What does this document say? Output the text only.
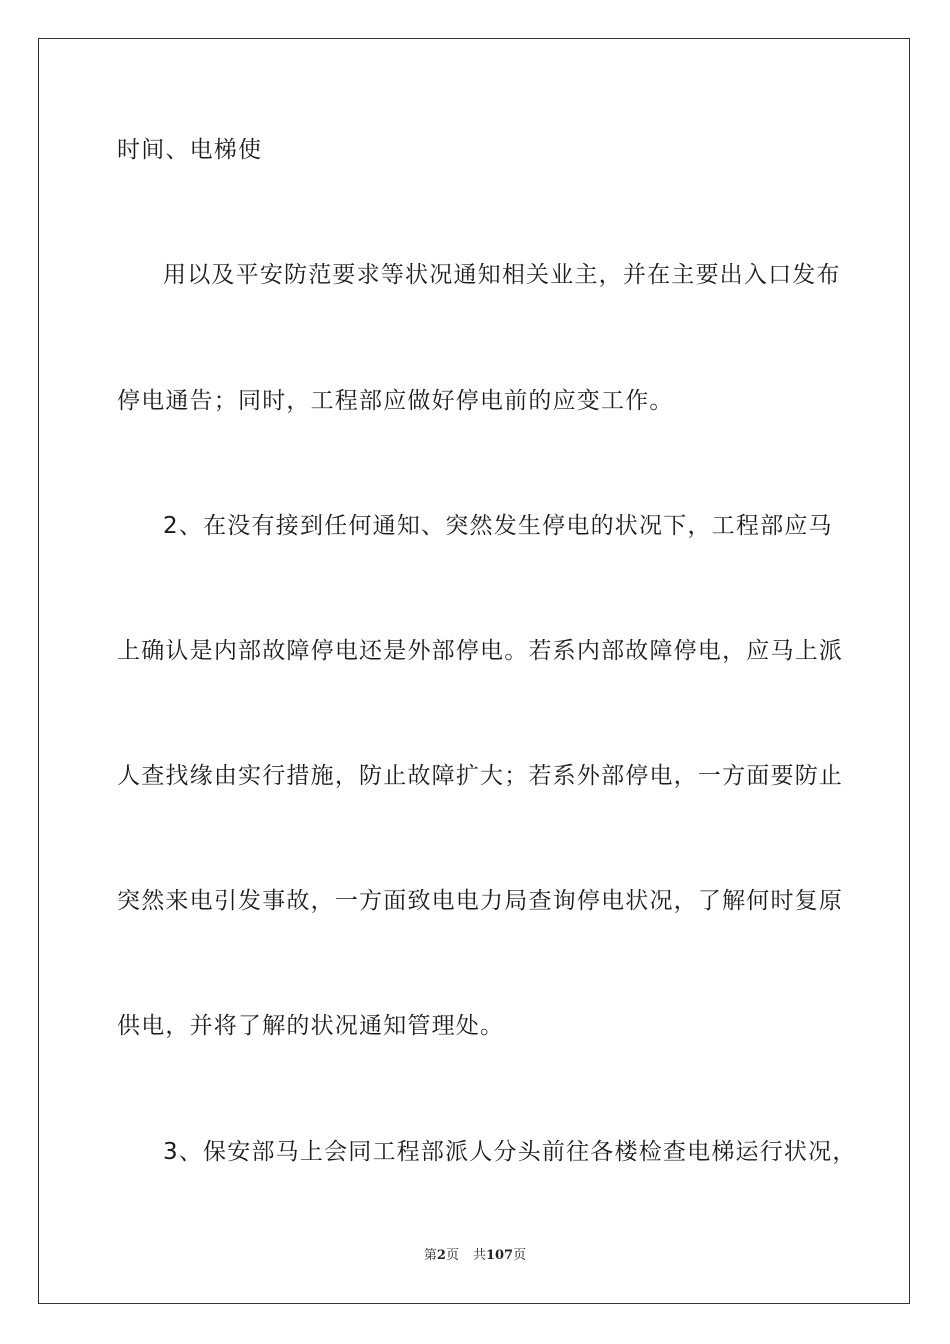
时间、电梯使
用 以 及 平 安 防 范 要 求 等 状 况 通 知 相 关 业 主 ， 并 在 主 要 出 入 口 发 布
停电通告；同时，工程部应做好停电前的应变工作。
2 、 在 没 有 接 到 任 何 通 知 、 突 然 发 生 停 电 的 状 况 下 ， 工 程 部 应 马
上 确 认 是 内 部 故 障 停 电 还 是 外 部 停 电 。 若 系 内 部 故 障 停 电 ， 应 马 上 派
人 查 找 缘 由 实 行 措 施 ， 防 止 故 障 扩 大 ； 若 系 外 部 停 电 ， 一 方 面 要 防 止
突 然 来 电 引 发 事 故 ， 一 方 面 致 电 电 力 局 查 询 停 电 状 况 ， 了 解 何 时 复 原
供电，并将了解的状况通知管理处。
3 、 保 安 部 马 上 会 同 工 程 部 派 人 分 头 前 往 各 楼 检 查 电 梯 运 行 状 况 ，
第2页 共107页
